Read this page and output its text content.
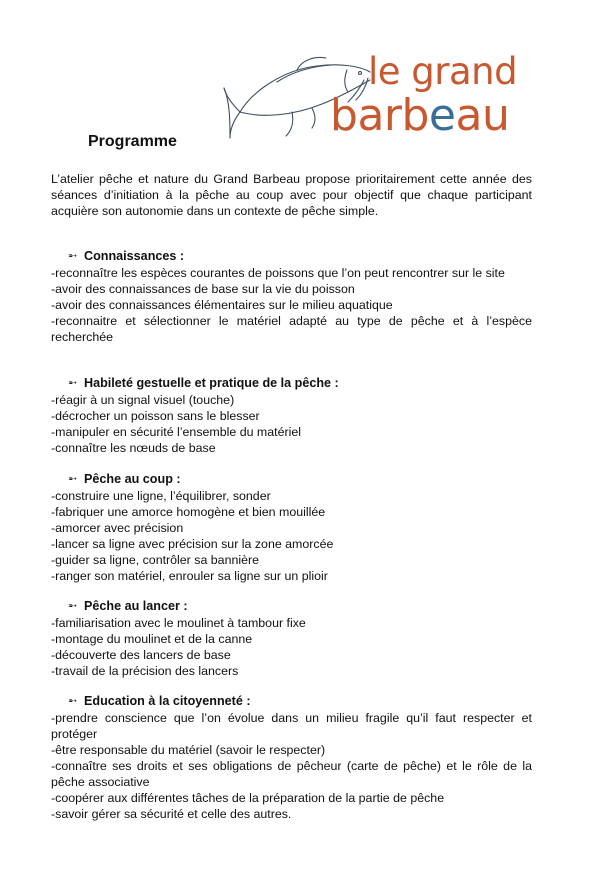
le grand
barbeau
Programme

L’atelier pêche et nature du Grand Barbeau propose prioritairement cette année des séances d’initiation à la pêche au coup avec pour objectif que chaque participant acquière son autonomie dans un contexte de pêche simple.

➵ Connaissances :
-reconnaître les espèces courantes de poissons que l’on peut rencontrer sur le site
-avoir des connaissances de base sur la vie du poisson
-avoir des connaissances élémentaires sur le milieu aquatique
-reconnaitre et sélectionner le matériel adapté au type de pêche et à l’espèce recherchée
➵ Habileté gestuelle et pratique de la pêche :
-réagir à un signal visuel (touche)
-décrocher un poisson sans le blesser
-manipuler en sécurité l’ensemble du matériel
-connaître les nœuds de base
➵ Pêche au coup :
-construire une ligne, l’équilibrer, sonder
-fabriquer une amorce homogène et bien mouillée
-amorcer avec précision
-lancer sa ligne avec précision sur la zone amorcée
-guider sa ligne, contrôler sa bannière
-ranger son matériel, enrouler sa ligne sur un plioir
➵ Pêche au lancer :
-familiarisation avec le moulinet à tambour fixe
-montage du moulinet et de la canne
-découverte des lancers de base
-travail de la précision des lancers
➵ Education à la citoyenneté :
-prendre conscience que l’on évolue dans un milieu fragile qu’il faut respecter et protéger
-être responsable du matériel (savoir le respecter)
-connaître ses droits et ses obligations de pêcheur (carte de pêche) et le rôle de la pêche associative
-coopérer aux différentes tâches de la préparation de la partie de pêche
-savoir gérer sa sécurité et celle des autres.
